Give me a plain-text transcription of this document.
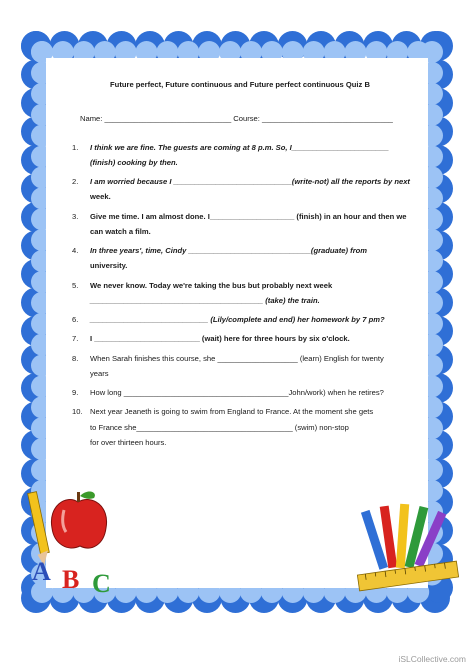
Future perfect, Future continuous and Future perfect continuous Quiz B
Name: ______________________________ Course: _______________________________
1. I think we are fine. The guests are coming at 8 p.m. So, I_______________________
(finish) cooking by then.
2. I am worried because I ____________________________(write-not) all the reports by next
week.
3. Give me time. I am almost done. I____________________ (finish) in an hour and then we
can watch a film.
4. In three years', time, Cindy _____________________________(graduate) from
university.
5. We never know. Today we're taking the bus but probably next week
_________________________________________ (take) the train.
6. ____________________________ (Lily/complete and end) her homework by 7 pm?
7. I _________________________ (wait) here for three hours by six o'clock.
8. When Sarah finishes this course, she ___________________ (learn) English for twenty
years
9. How long _______________________________________John/work) when he retires?
10. Next year Jeaneth is going to swim from England to France. At the moment she gets
to France she_____________________________________ (swim) non-stop
for over thirteen hours.
A B C
iSLCollective.com
